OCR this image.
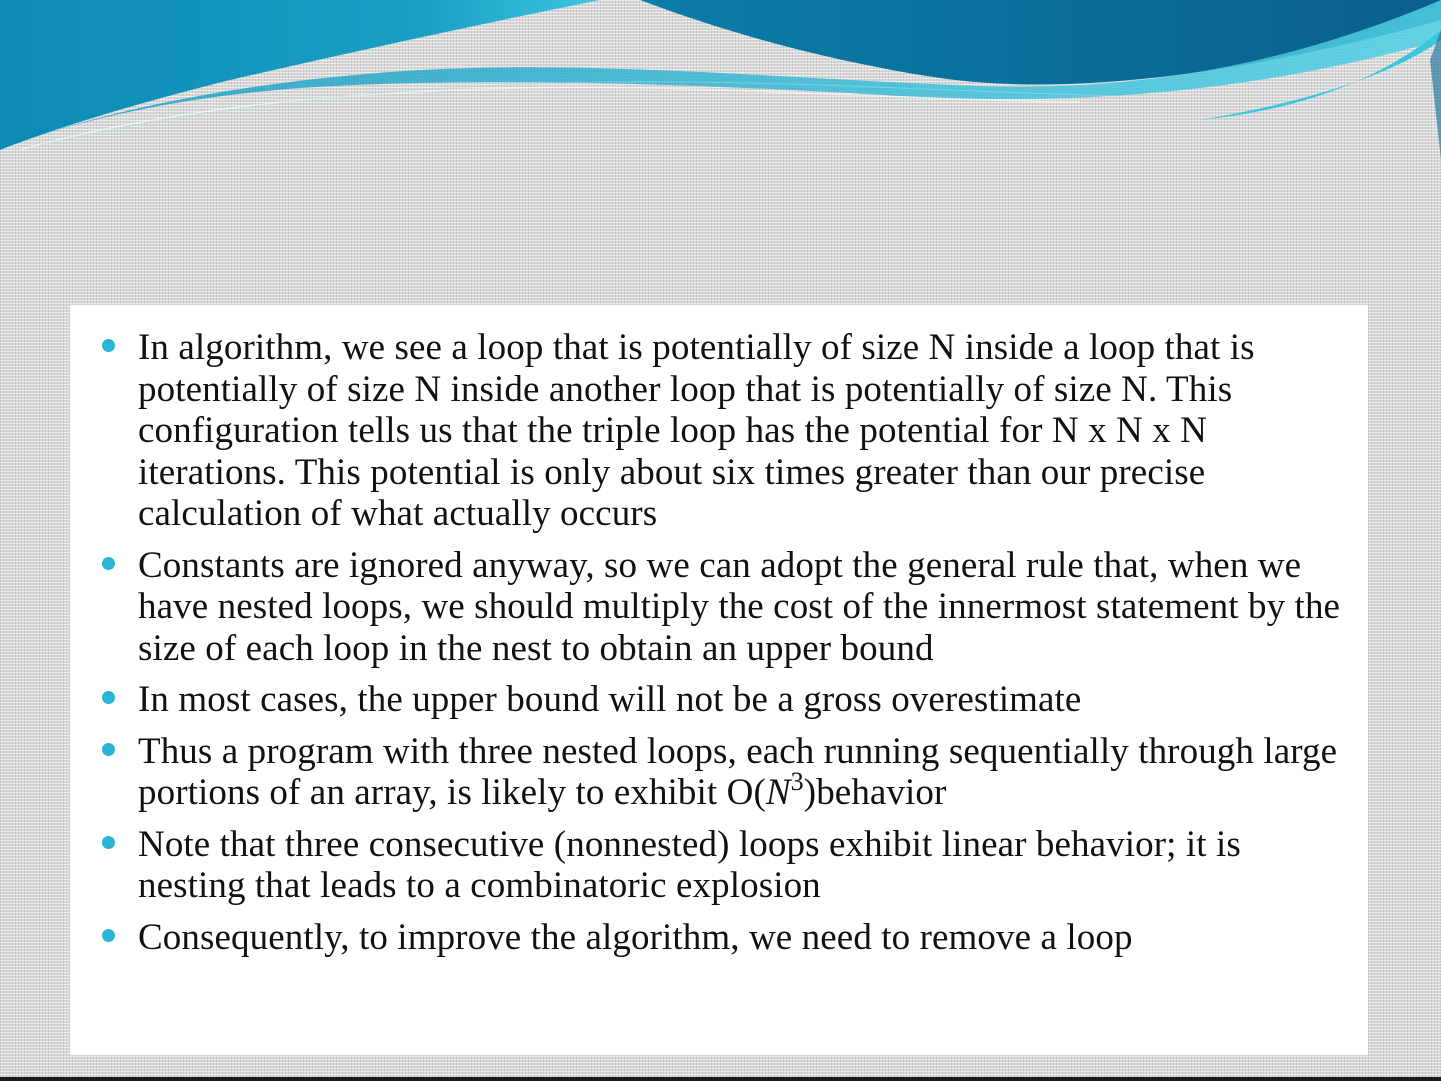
In algorithm, we see a loop that is potentially of size N inside a loop that is potentially of size N inside another loop that is potentially of size N. This configuration tells us that the triple loop has the potential for N x N x N iterations. This potential is only about six times greater than our precise calculation of what actually occurs
Constants are ignored anyway, so we can adopt the general rule that, when we have nested loops, we should multiply the cost of the innermost statement by the size of each loop in the nest to obtain an upper bound
In most cases, the upper bound will not be a gross overestimate
Thus a program with three nested loops, each running sequentially through large portions of an array, is likely to exhibit $O(N^3)behavior$
Note that three consecutive (nonnested) loops exhibit linear behavior; it is nesting that leads to a combinatoric explosion
Consequently, to improve the algorithm, we need to remove a loop
